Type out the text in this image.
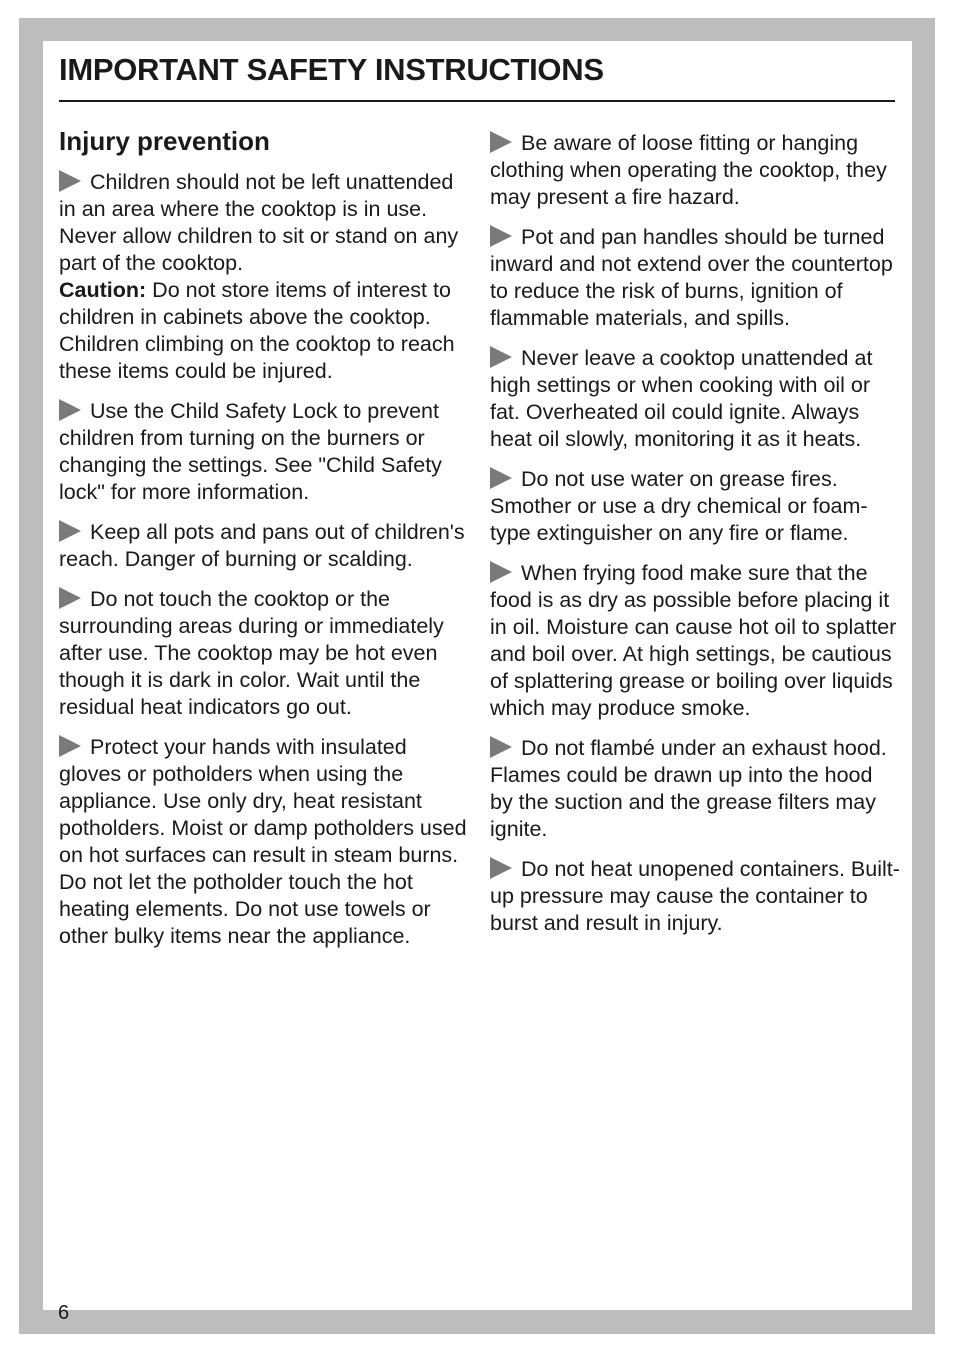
IMPORTANT SAFETY INSTRUCTIONS
Injury prevention
Children should not be left unattended in an area where the cooktop is in use. Never allow children to sit or stand on any part of the cooktop.
Caution: Do not store items of interest to children in cabinets above the cooktop. Children climbing on the cooktop to reach these items could be injured.
Use the Child Safety Lock to prevent children from turning on the burners or changing the settings. See "Child Safety lock" for more information.
Keep all pots and pans out of children's reach. Danger of burning or scalding.
Do not touch the cooktop or the surrounding areas during or immediately after use. The cooktop may be hot even though it is dark in color. Wait until the residual heat indicators go out.
Protect your hands with insulated gloves or potholders when using the appliance. Use only dry, heat resistant potholders. Moist or damp potholders used on hot surfaces can result in steam burns. Do not let the potholder touch the hot heating elements. Do not use towels or other bulky items near the appliance.
Be aware of loose fitting or hanging clothing when operating the cooktop, they may present a fire hazard.
Pot and pan handles should be turned inward and not extend over the countertop to reduce the risk of burns, ignition of flammable materials, and spills.
Never leave a cooktop unattended at high settings or when cooking with oil or fat. Overheated oil could ignite. Always heat oil slowly, monitoring it as it heats.
Do not use water on grease fires. Smother or use a dry chemical or foam-type extinguisher on any fire or flame.
When frying food make sure that the food is as dry as possible before placing it in oil. Moisture can cause hot oil to splatter and boil over. At high settings, be cautious of splattering grease or boiling over liquids which may produce smoke.
Do not flambé under an exhaust hood. Flames could be drawn up into the hood by the suction and the grease filters may ignite.
Do not heat unopened containers. Built-up pressure may cause the container to burst and result in injury.
6
